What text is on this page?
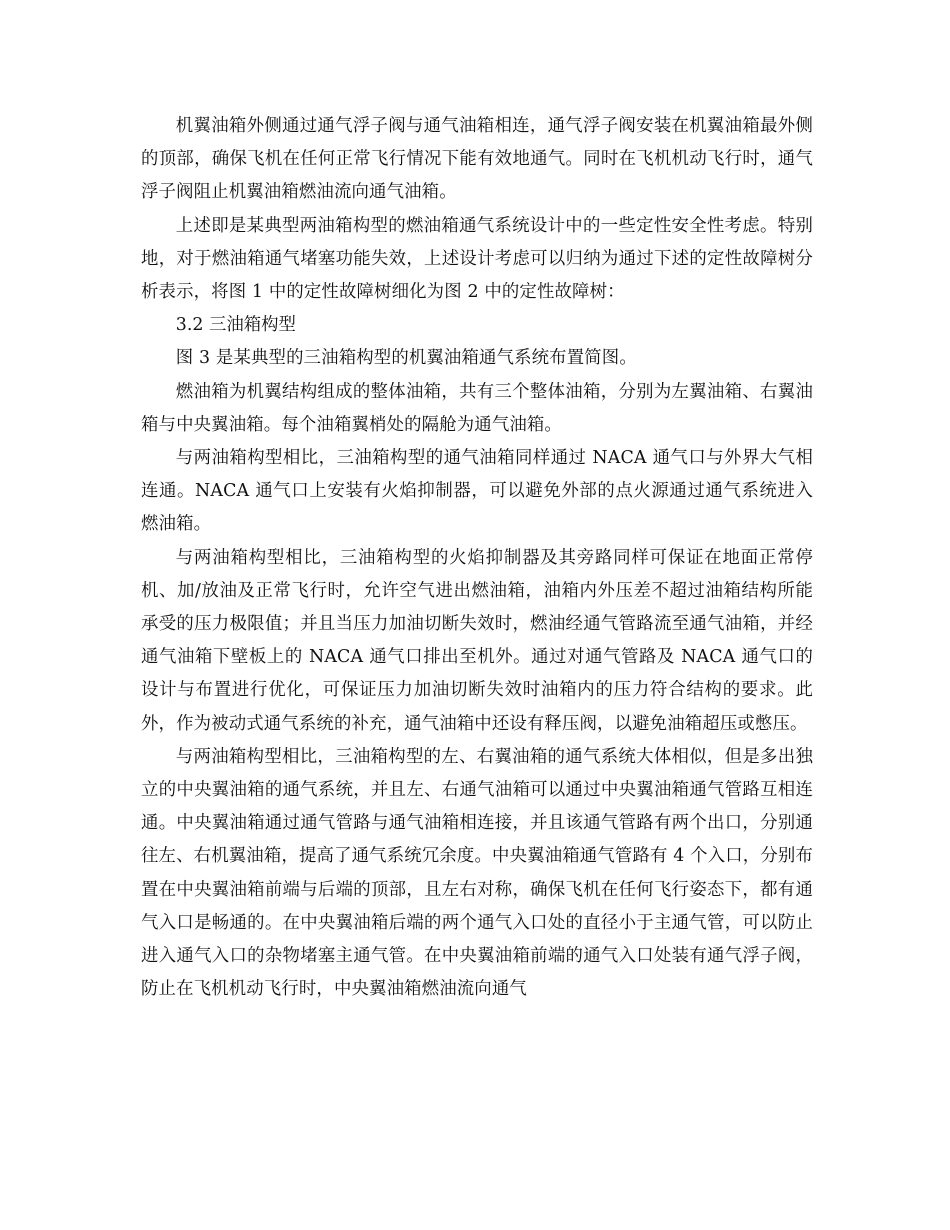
机翼油箱外侧通过通气浮子阀与通气油箱相连，通气浮子阀安装在机翼油箱最外侧的顶部，确保飞机在任何正常飞行情况下能有效地通气。同时在飞机机动飞行时，通气浮子阀阻止机翼油箱燃油流向通气油箱。

上述即是某典型两油箱构型的燃油箱通气系统设计中的一些定性安全性考虑。特别地，对于燃油箱通气堵塞功能失效，上述设计考虑可以归纳为通过下述的定性故障树分析表示，将图 1 中的定性故障树细化为图 2 中的定性故障树：

3.2 三油箱构型

图 3 是某典型的三油箱构型的机翼油箱通气系统布置简图。

燃油箱为机翼结构组成的整体油箱，共有三个整体油箱，分别为左翼油箱、右翼油箱与中央翼油箱。每个油箱翼梢处的隔舱为通气油箱。

与两油箱构型相比，三油箱构型的通气油箱同样通过 NACA 通气口与外界大气相连通。NACA 通气口上安装有火焰抑制器，可以避免外部的点火源通过通气系统进入燃油箱。

与两油箱构型相比，三油箱构型的火焰抑制器及其旁路同样可保证在地面正常停机、加/放油及正常飞行时，允许空气进出燃油箱，油箱内外压差不超过油箱结构所能承受的压力极限值；并且当压力加油切断失效时，燃油经通气管路流至通气油箱，并经通气油箱下壁板上的 NACA 通气口排出至机外。通过对通气管路及 NACA 通气口的设计与布置进行优化，可保证压力加油切断失效时油箱内的压力符合结构的要求。此外，作为被动式通气系统的补充，通气油箱中还设有释压阀，以避免油箱超压或憋压。

与两油箱构型相比，三油箱构型的左、右翼油箱的通气系统大体相似，但是多出独立的中央翼油箱的通气系统，并且左、右通气油箱可以通过中央翼油箱通气管路互相连通。中央翼油箱通过通气管路与通气油箱相连接，并且该通气管路有两个出口，分别通往左、右机翼油箱，提高了通气系统冗余度。中央翼油箱通气管路有 4 个入口，分别布置在中央翼油箱前端与后端的顶部，且左右对称，确保飞机在任何飞行姿态下，都有通气入口是畅通的。在中央翼油箱后端的两个通气入口处的直径小于主通气管，可以防止进入通气入口的杂物堵塞主通气管。在中央翼油箱前端的通气入口处装有通气浮子阀，防止在飞机机动飞行时，中央翼油箱燃油流向通气
